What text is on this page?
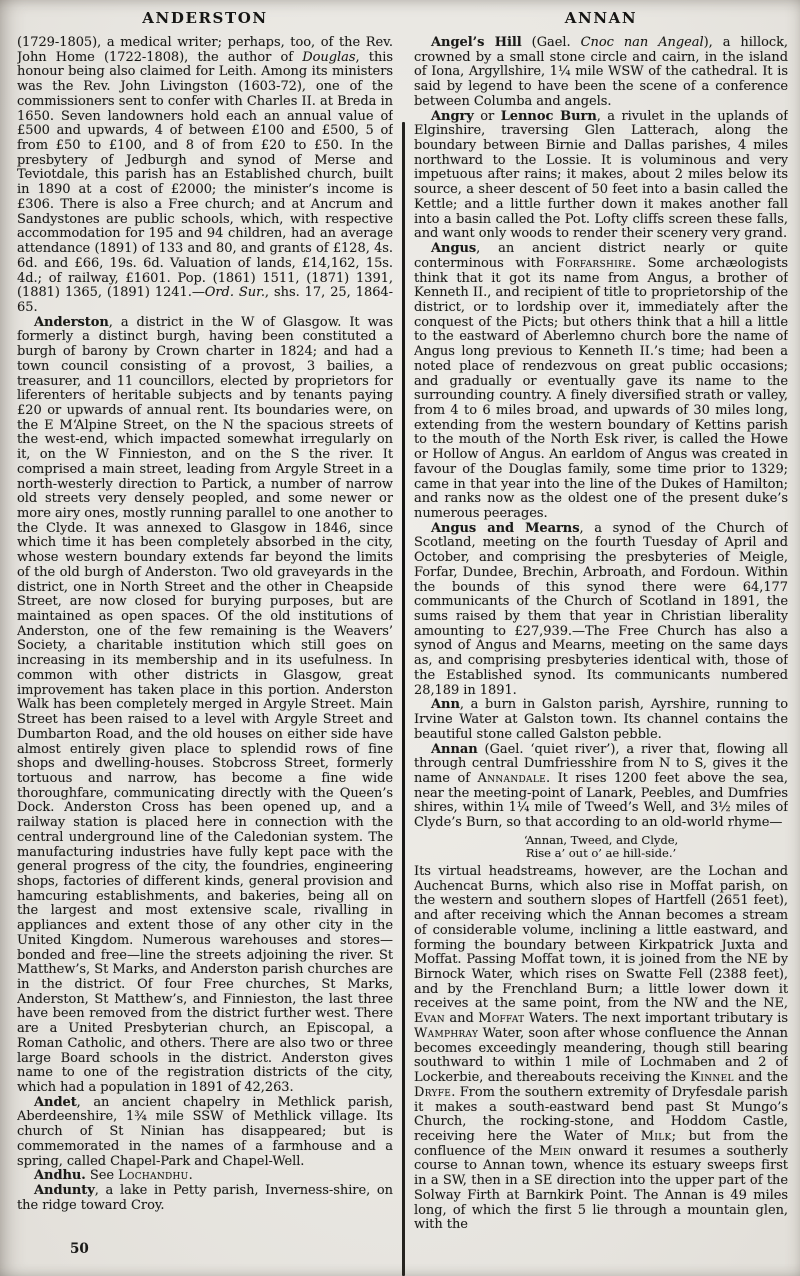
ANDERSTON	ANNAN

(1729-1805), a medical writer; perhaps, too, of the Rev. John Home (1722-1808), the author of Douglas, this honour being also claimed for Leith. Among its ministers was the Rev. John Livingston (1603-72), one of the commissioners sent to confer with Charles II. at Breda in 1650. Seven landowners hold each an annual value of £500 and upwards, 4 of between £100 and £500, 5 of from £50 to £100, and 8 of from £20 to £50. In the presbytery of Jedburgh and synod of Merse and Teviotdale, this parish has an Established church, built in 1890 at a cost of £2000; the minister’s income is £306. There is also a Free church; and at Ancrum and Sandystones are public schools, which, with respective accommodation for 195 and 94 children, had an average attendance (1891) of 133 and 80, and grants of £128, 4s. 6d. and £66, 19s. 6d. Valuation of lands, £14,162, 15s. 4d.; of railway, £1601. Pop. (1861) 1511, (1871) 1391, (1881) 1365, (1891) 1241.—Ord. Sur., shs. 17, 25, 1864-65.

Anderston, a district in the W of Glasgow. It was formerly a distinct burgh, having been constituted a burgh of barony by Crown charter in 1824; and had a town council consisting of a provost, 3 bailies, a treasurer, and 11 councillors, elected by proprietors for liferenters of heritable subjects and by tenants paying £20 or upwards of annual rent. Its boundaries were, on the E M‘Alpine Street, on the N the spacious streets of the west-end, which impacted somewhat irregularly on it, on the W Finnieston, and on the S the river. It comprised a main street, leading from Argyle Street in a north-westerly direction to Partick, a number of narrow old streets very densely peopled, and some newer or more airy ones, mostly running parallel to one another to the Clyde. It was annexed to Glasgow in 1846, since which time it has been completely absorbed in the city, whose western boundary extends far beyond the limits of the old burgh of Anderston. Two old graveyards in the district, one in North Street and the other in Cheapside Street, are now closed for burying purposes, but are maintained as open spaces. Of the old institutions of Anderston, one of the few remaining is the Weavers’ Society, a charitable institution which still goes on increasing in its membership and in its usefulness. In common with other districts in Glasgow, great improvement has taken place in this portion. Anderston Walk has been completely merged in Argyle Street. Main Street has been raised to a level with Argyle Street and Dumbarton Road, and the old houses on either side have almost entirely given place to splendid rows of fine shops and dwelling-houses. Stobcross Street, formerly tortuous and narrow, has become a fine wide thoroughfare, communicating directly with the Queen’s Dock. Anderston Cross has been opened up, and a railway station is placed here in connection with the central underground line of the Caledonian system. The manufacturing industries have fully kept pace with the general progress of the city, the foundries, engineering shops, factories of different kinds, general provision and hamcuring establishments, and bakeries, being all on the largest and most extensive scale, rivalling in appliances and extent those of any other city in the United Kingdom. Numerous warehouses and stores—bonded and free—line the streets adjoining the river. St Matthew’s, St Marks, and Anderston parish churches are in the district. Of four Free churches, St Marks, Anderston, St Matthew’s, and Finnieston, the last three have been removed from the district further west. There are a United Presbyterian church, an Episcopal, a Roman Catholic, and others. There are also two or three large Board schools in the district. Anderston gives name to one of the registration districts of the city, which had a population in 1891 of 42,263.

Andet, an ancient chapelry in Methlick parish, Aberdeenshire, 1¾ mile SSW of Methlick village. Its church of St Ninian has disappeared; but is commemorated in the names of a farmhouse and a spring, called Chapel-Park and Chapel-Well.

Andhu. See Lochandhu.

Andunty, a lake in Petty parish, Inverness-shire, on the ridge toward Croy.

Angel’s Hill (Gael. Cnoc nan Angeal), a hillock, crowned by a small stone circle and cairn, in the island of Iona, Argyllshire, 1¼ mile WSW of the cathedral. It is said by legend to have been the scene of a conference between Columba and angels.

Angry or Lennoc Burn, a rivulet in the uplands of Elginshire, traversing Glen Latterach, along the boundary between Birnie and Dallas parishes, 4 miles northward to the Lossie. It is voluminous and very impetuous after rains; it makes, about 2 miles below its source, a sheer descent of 50 feet into a basin called the Kettle; and a little further down it makes another fall into a basin called the Pot. Lofty cliffs screen these falls, and want only woods to render their scenery very grand.

Angus, an ancient district nearly or quite conterminous with Forfarshire. Some archæologists think that it got its name from Angus, a brother of Kenneth II., and recipient of title to proprietorship of the district, or to lordship over it, immediately after the conquest of the Picts; but others think that a hill a little to the eastward of Aberlemno church bore the name of Angus long previous to Kenneth II.’s time; had been a noted place of rendezvous on great public occasions; and gradually or eventually gave its name to the surrounding country. A finely diversified strath or valley, from 4 to 6 miles broad, and upwards of 30 miles long, extending from the western boundary of Kettins parish to the mouth of the North Esk river, is called the Howe or Hollow of Angus. An earldom of Angus was created in favour of the Douglas family, some time prior to 1329; came in that year into the line of the Dukes of Hamilton; and ranks now as the oldest one of the present duke’s numerous peerages.

Angus and Mearns, a synod of the Church of Scotland, meeting on the fourth Tuesday of April and October, and comprising the presbyteries of Meigle, Forfar, Dundee, Brechin, Arbroath, and Fordoun. Within the bounds of this synod there were 64,177 communicants of the Church of Scotland in 1891, the sums raised by them that year in Christian liberality amounting to £27,939.—The Free Church has also a synod of Angus and Mearns, meeting on the same days as, and comprising presbyteries identical with, those of the Established synod. Its communicants numbered 28,189 in 1891.

Ann, a burn in Galston parish, Ayrshire, running to Irvine Water at Galston town. Its channel contains the beautiful stone called Galston pebble.

Annan (Gael. ‘quiet river’), a river that, flowing all through central Dumfriesshire from N to S, gives it the name of Annandale. It rises 1200 feet above the sea, near the meeting-point of Lanark, Peebles, and Dumfries shires, within 1¼ mile of Tweed’s Well, and 3½ miles of Clyde’s Burn, so that according to an old-world rhyme—

‘Annan, Tweed, and Clyde,
Rise a’ out o’ ae hill-side.’

Its virtual headstreams, however, are the Lochan and Auchencat Burns, which also rise in Moffat parish, on the western and southern slopes of Hartfell (2651 feet), and after receiving which the Annan becomes a stream of considerable volume, inclining a little eastward, and forming the boundary between Kirkpatrick Juxta and Moffat. Passing Moffat town, it is joined from the NE by Birnock Water, which rises on Swatte Fell (2388 feet), and by the Frenchland Burn; a little lower down it receives at the same point, from the NW and the NE, Evan and Moffat Waters. The next important tributary is Wamphray Water, soon after whose confluence the Annan becomes exceedingly meandering, though still bearing southward to within 1 mile of Lochmaben and 2 of Lockerbie, and thereabouts receiving the Kinnel and the Dryfe. From the southern extremity of Dryfesdale parish it makes a south-eastward bend past St Mungo’s Church, the rocking-stone, and Hoddom Castle, receiving here the Water of Milk; but from the confluence of the Mein onward it resumes a southerly course to Annan town, whence its estuary sweeps first in a SW, then in a SE direction into the upper part of the Solway Firth at Barnkirk Point. The Annan is 49 miles long, of which the first 5 lie through a mountain glen, with the

50
